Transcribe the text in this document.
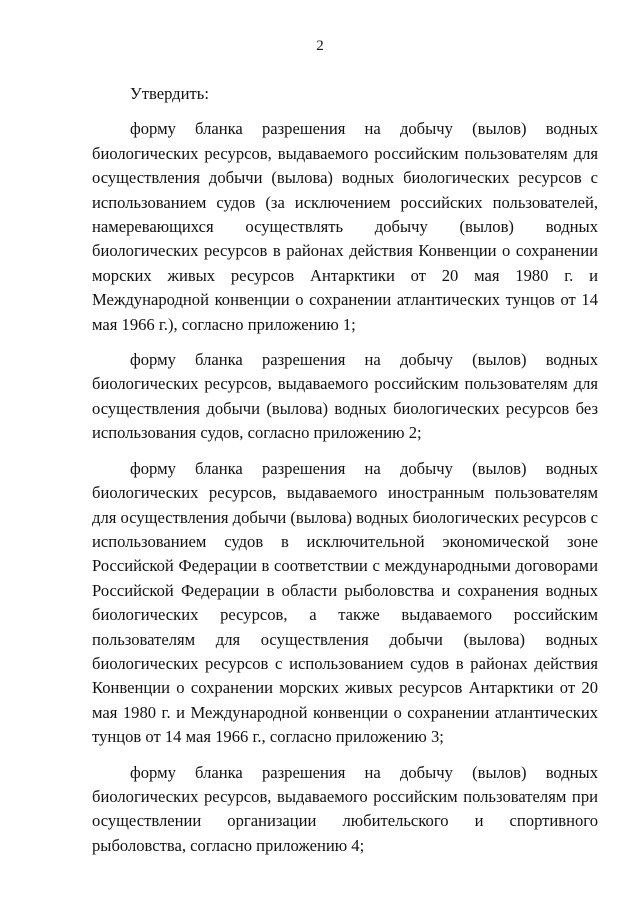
2

Утвердить:

форму бланка разрешения на добычу (вылов) водных биологических ресурсов, выдаваемого российским пользователям для осуществления добычи (вылова) водных биологических ресурсов с использованием судов (за исключением российских пользователей, намеревающихся осуществлять добычу (вылов) водных биологических ресурсов в районах действия Конвенции о сохранении морских живых ресурсов Антарктики от 20 мая 1980 г. и Международной конвенции о сохранении атлантических тунцов от 14 мая 1966 г.), согласно приложению 1;

форму бланка разрешения на добычу (вылов) водных биологических ресурсов, выдаваемого российским пользователям для осуществления добычи (вылова) водных биологических ресурсов без использования судов, согласно приложению 2;

форму бланка разрешения на добычу (вылов) водных биологических ресурсов, выдаваемого иностранным пользователям для осуществления добычи (вылова) водных биологических ресурсов с использованием судов в исключительной экономической зоне Российской Федерации в соответствии с международными договорами Российской Федерации в области рыболовства и сохранения водных биологических ресурсов, а также выдаваемого российским пользователям для осуществления добычи (вылова) водных биологических ресурсов с использованием судов в районах действия Конвенции о сохранении морских живых ресурсов Антарктики от 20 мая 1980 г. и Международной конвенции о сохранении атлантических тунцов от 14 мая 1966 г., согласно приложению 3;

форму бланка разрешения на добычу (вылов) водных биологических ресурсов, выдаваемого российским пользователям при осуществлении организации любительского и спортивного рыболовства, согласно приложению 4;
